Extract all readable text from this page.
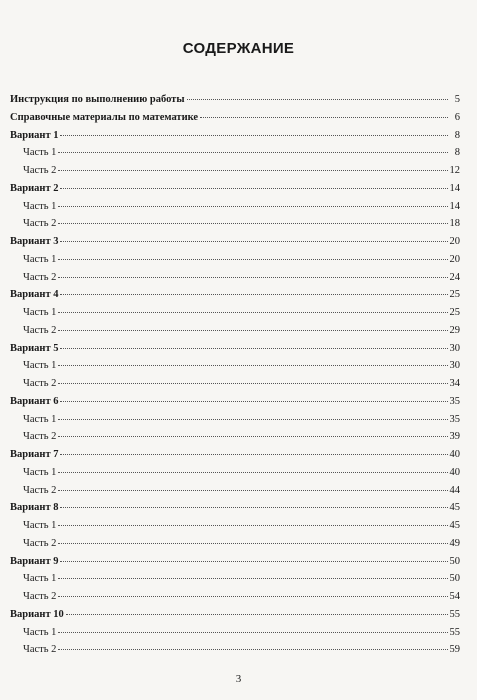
СОДЕРЖАНИЕ
Инструкция по выполнению работы	5
Справочные материалы по математике	6
Вариант 1	8
Часть 1	8
Часть 2	12
Вариант 2	14
Часть 1	14
Часть 2	18
Вариант 3	20
Часть 1	20
Часть 2	24
Вариант 4	25
Часть 1	25
Часть 2	29
Вариант 5	30
Часть 1	30
Часть 2	34
Вариант 6	35
Часть 1	35
Часть 2	39
Вариант 7	40
Часть 1	40
Часть 2	44
Вариант 8	45
Часть 1	45
Часть 2	49
Вариант 9	50
Часть 1	50
Часть 2	54
Вариант 10	55
Часть 1	55
Часть 2	59
3
